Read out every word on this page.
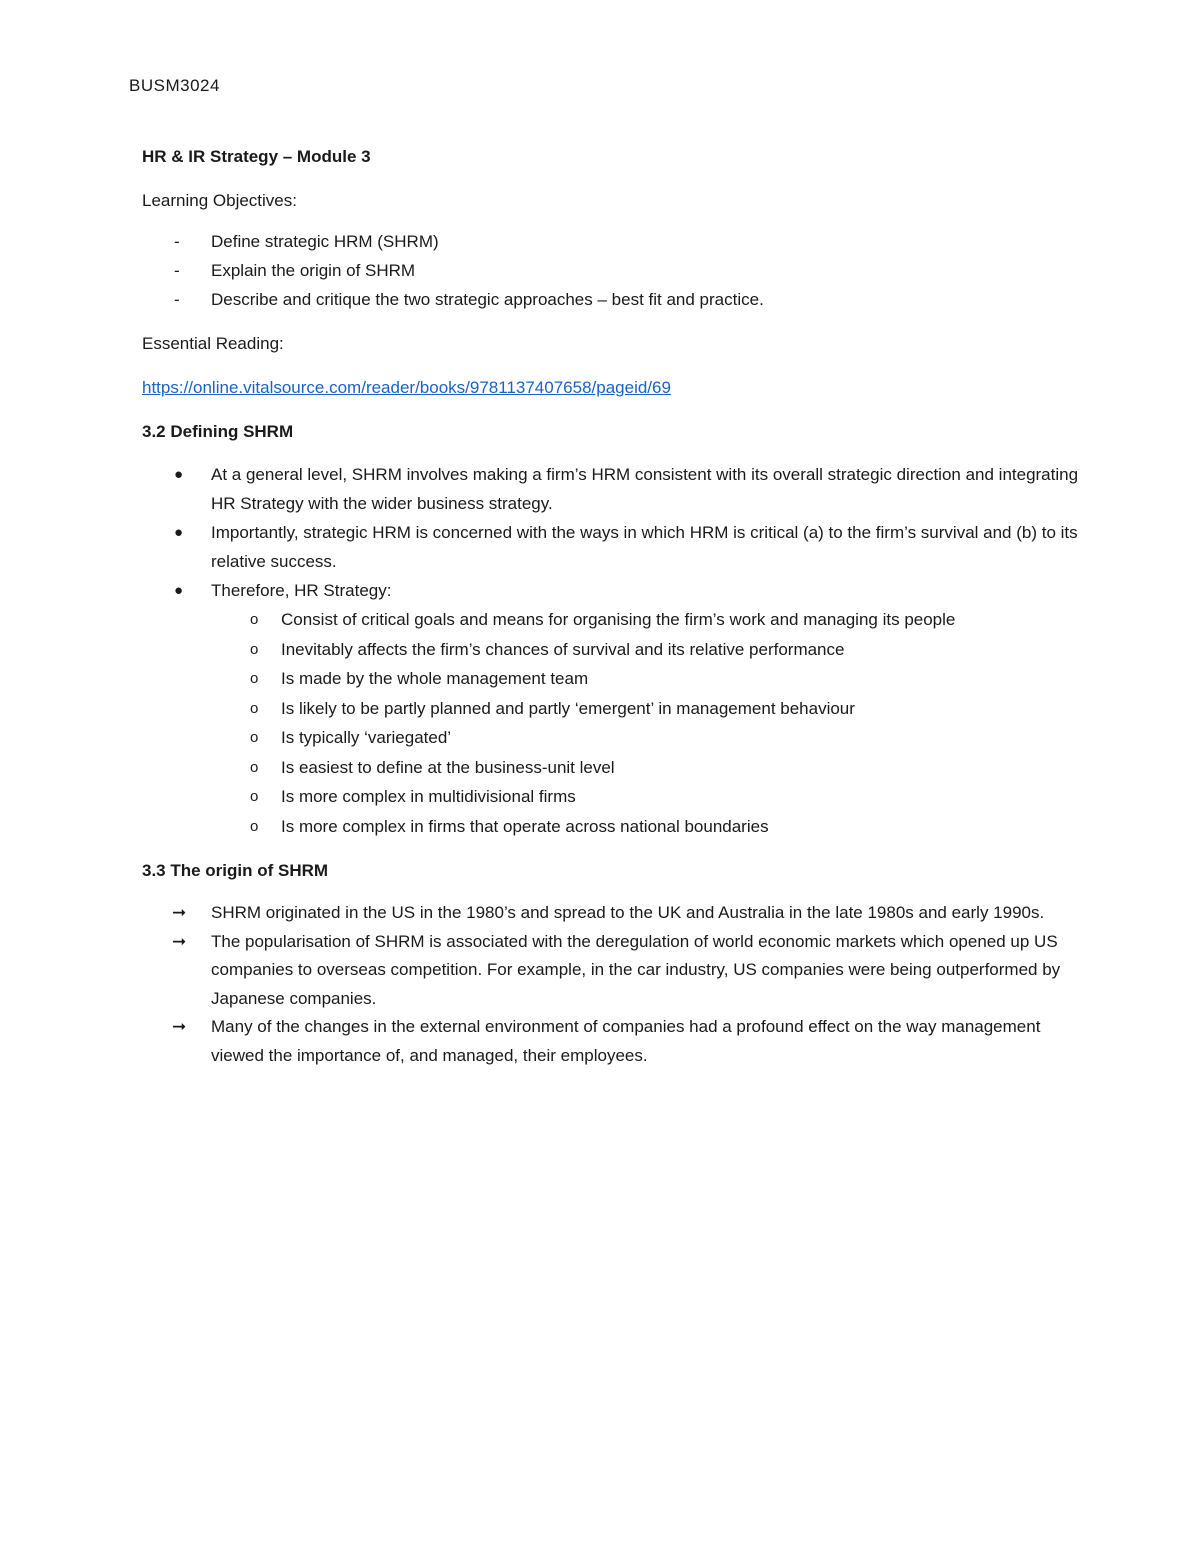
BUSM3024

HR & IR Strategy – Module 3

Learning Objectives:

- Define strategic HRM (SHRM)
- Explain the origin of SHRM
- Describe and critique the two strategic approaches – best fit and practice.

Essential Reading:

https://online.vitalsource.com/reader/books/9781137407658/pageid/69

3.2 Defining SHRM

● At a general level, SHRM involves making a firm’s HRM consistent with its overall strategic direction and integrating HR Strategy with the wider business strategy.
● Importantly, strategic HRM is concerned with the ways in which HRM is critical (a) to the firm’s survival and (b) to its relative success.
● Therefore, HR Strategy:
o Consist of critical goals and means for organising the firm’s work and managing its people
o Inevitably affects the firm’s chances of survival and its relative performance
o Is made by the whole management team
o Is likely to be partly planned and partly ‘emergent’ in management behaviour
o Is typically ‘variegated’
o Is easiest to define at the business-unit level
o Is more complex in multidivisional firms
o Is more complex in firms that operate across national boundaries

3.3 The origin of SHRM

➞ SHRM originated in the US in the 1980’s and spread to the UK and Australia in the late 1980s and early 1990s.
➞ The popularisation of SHRM is associated with the deregulation of world economic markets which opened up US companies to overseas competition. For example, in the car industry, US companies were being outperformed by Japanese companies.
➞ Many of the changes in the external environment of companies had a profound effect on the way management viewed the importance of, and managed, their employees.
